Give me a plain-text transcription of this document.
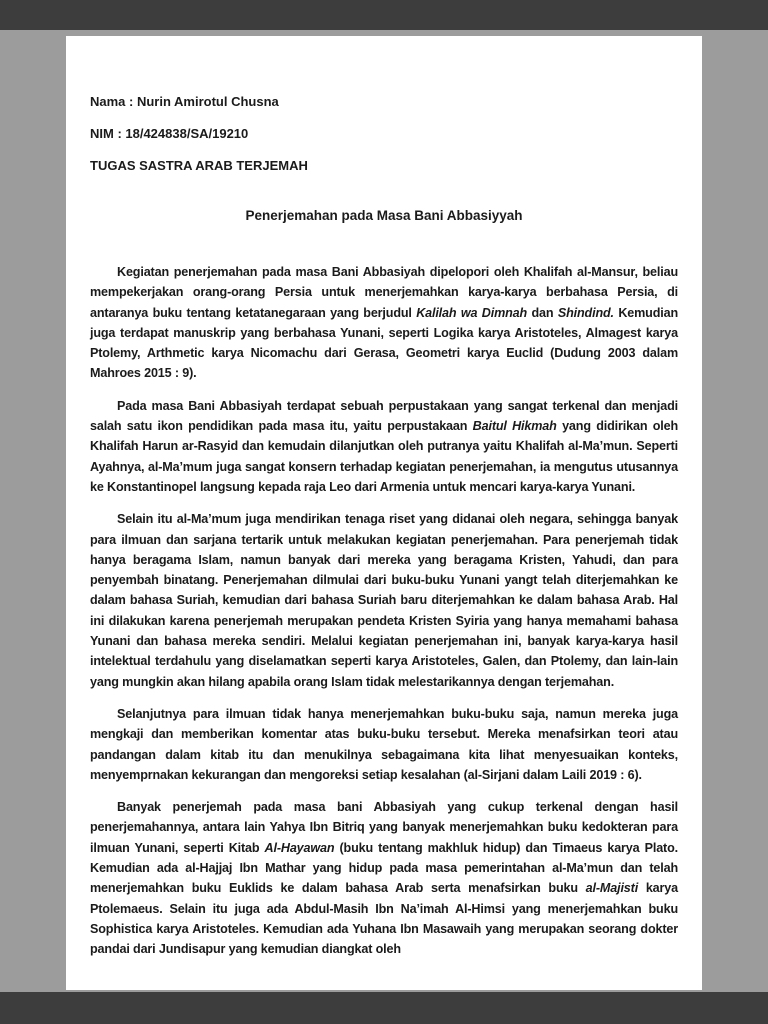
Nama : Nurin Amirotul Chusna

NIM : 18/424838/SA/19210

TUGAS SASTRA ARAB TERJEMAH

Penerjemahan pada Masa Bani Abbasiyyah

Kegiatan penerjemahan pada masa Bani Abbasiyah dipelopori oleh Khalifah al-Mansur, beliau mempekerjakan orang-orang Persia untuk menerjemahkan karya-karya berbahasa Persia, di antaranya buku tentang ketatanegaraan yang berjudul Kalilah wa Dimnah dan Shindind. Kemudian juga terdapat manuskrip yang berbahasa Yunani, seperti Logika karya Aristoteles, Almagest karya Ptolemy, Arthmetic karya Nicomachu dari Gerasa, Geometri karya Euclid (Dudung 2003 dalam Mahroes 2015 : 9).

Pada masa Bani Abbasiyah terdapat sebuah perpustakaan yang sangat terkenal dan menjadi salah satu ikon pendidikan pada masa itu, yaitu perpustakaan Baitul Hikmah yang didirikan oleh Khalifah Harun ar-Rasyid dan kemudain dilanjutkan oleh putranya yaitu Khalifah al-Ma’mun. Seperti Ayahnya, al-Ma’mum juga sangat konsern terhadap kegiatan penerjemahan, ia mengutus utusannya ke Konstantinopel langsung kepada raja Leo dari Armenia untuk mencari karya-karya Yunani.

Selain itu al-Ma’mum juga mendirikan tenaga riset yang didanai oleh negara, sehingga banyak para ilmuan dan sarjana tertarik untuk melakukan kegiatan penerjemahan. Para penerjemah tidak hanya beragama Islam, namun banyak dari mereka yang beragama Kristen, Yahudi, dan para penyembah binatang. Penerjemahan dilmulai dari buku-buku Yunani yangt telah diterjemahkan ke dalam bahasa Suriah, kemudian dari bahasa Suriah baru diterjemahkan ke dalam bahasa Arab. Hal ini dilakukan karena penerjemah merupakan pendeta Kristen Syiria yang hanya memahami bahasa Yunani dan bahasa mereka sendiri. Melalui kegiatan penerjemahan ini, banyak karya-karya hasil intelektual terdahulu yang diselamatkan seperti karya Aristoteles, Galen, dan Ptolemy, dan lain-lain yang mungkin akan hilang apabila orang Islam tidak melestarikannya dengan terjemahan.

Selanjutnya para ilmuan tidak hanya menerjemahkan buku-buku saja, namun mereka juga mengkaji dan memberikan komentar atas buku-buku tersebut. Mereka menafsirkan teori atau pandangan dalam kitab itu dan menukilnya sebagaimana kita lihat menyesuaikan konteks, menyemprnakan kekurangan dan mengoreksi setiap kesalahan (al-Sirjani dalam Laili 2019 : 6).

Banyak penerjemah pada masa bani Abbasiyah yang cukup terkenal dengan hasil penerjemahannya, antara lain Yahya Ibn Bitriq yang banyak menerjemahkan buku kedokteran para ilmuan Yunani, seperti Kitab Al-Hayawan (buku tentang makhluk hidup) dan Timaeus karya Plato. Kemudian ada al-Hajjaj Ibn Mathar yang hidup pada masa pemerintahan al-Ma’mun dan telah menerjemahkan buku Euklids ke dalam bahasa Arab serta menafsirkan buku al-Majisti karya Ptolemaeus. Selain itu juga ada Abdul-Masih Ibn Na’imah Al-Himsi yang menerjemahkan buku Sophistica karya Aristoteles. Kemudian ada Yuhana Ibn Masawaih yang merupakan seorang dokter pandai dari Jundisapur yang kemudian diangkat oleh
